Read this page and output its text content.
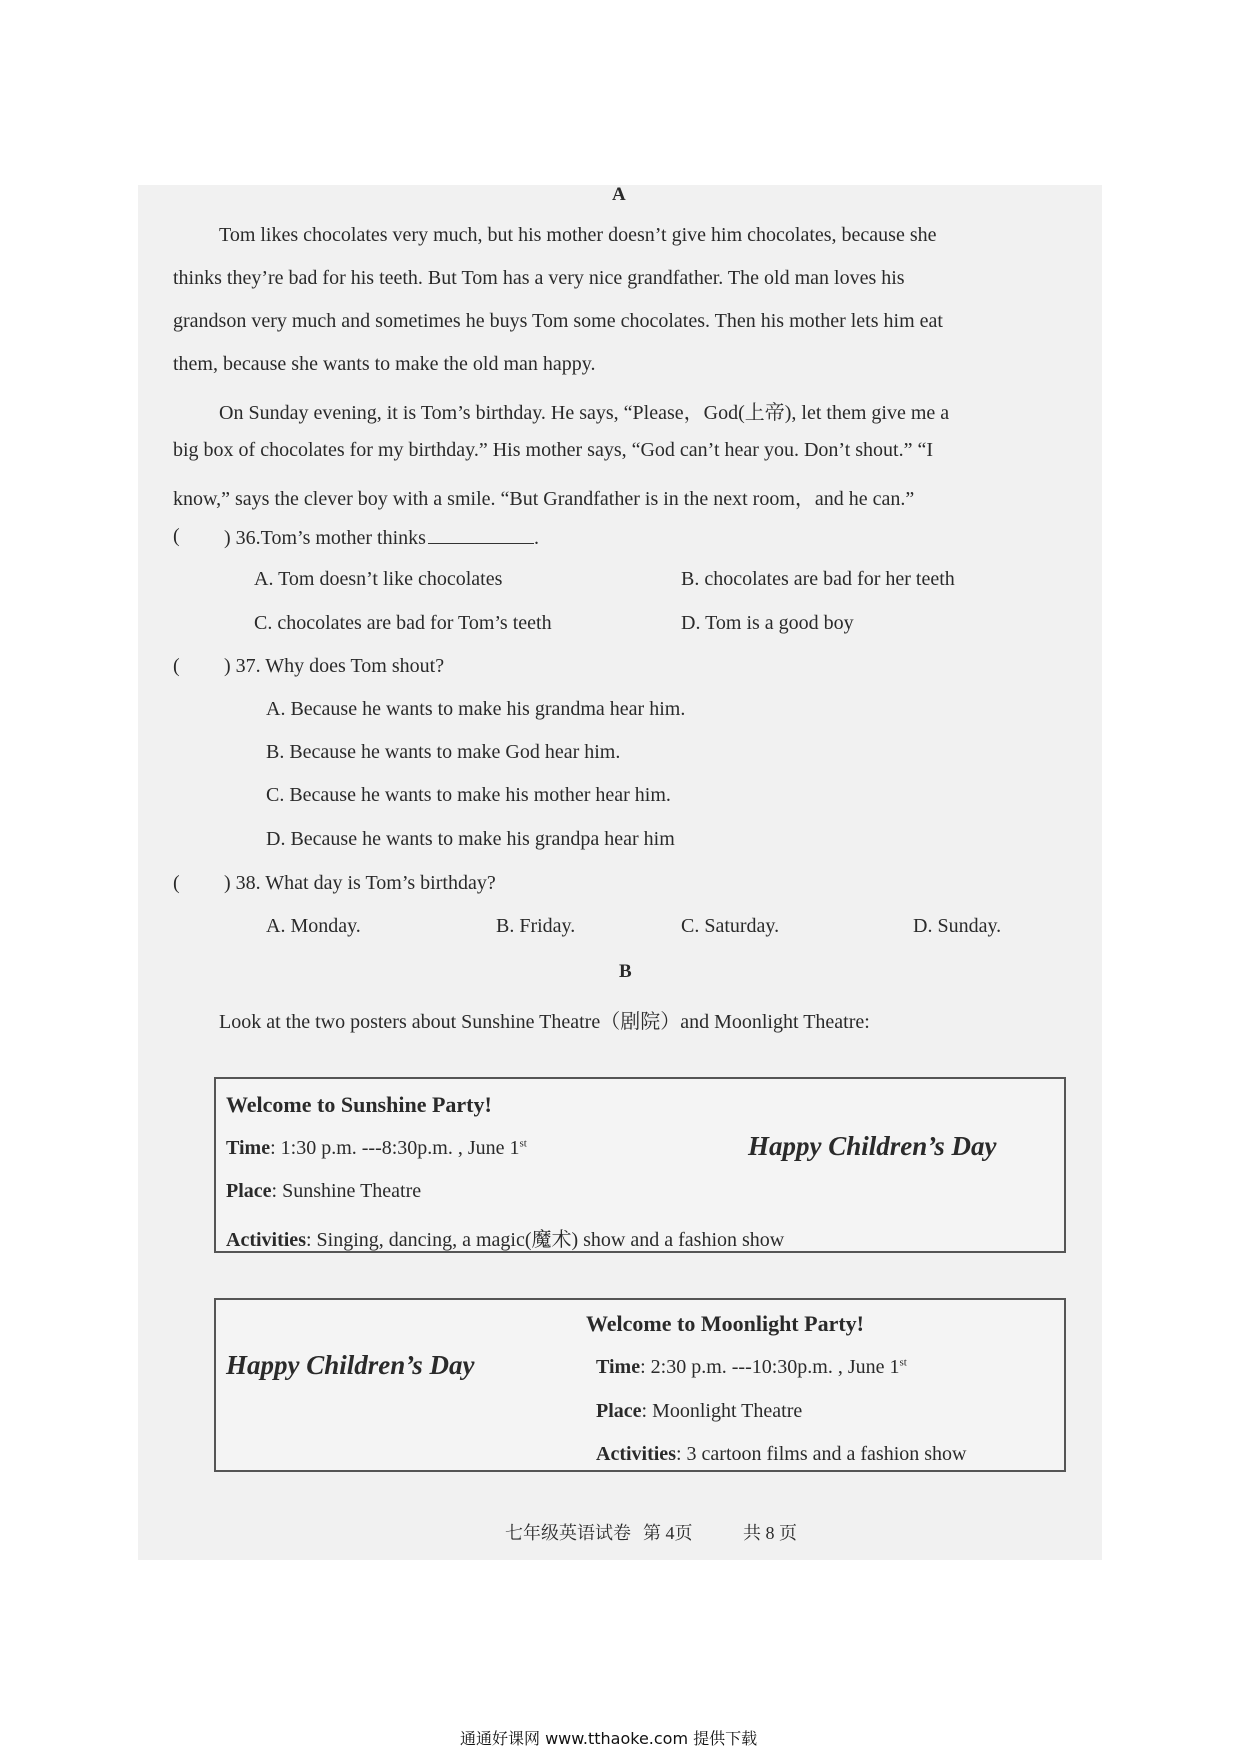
A
Tom likes chocolates very much, but his mother doesn’t give him chocolates, because she
thinks they’re bad for his teeth. But Tom has a very nice grandfather. The old man loves his
grandson very much and sometimes he buys Tom some chocolates. Then his mother lets him eat
them, because she wants to make the old man happy.
On Sunday evening, it is Tom’s birthday. He says, “Please，God(上帝), let them give me a
big box of chocolates for my birthday.” His mother says, “God can’t hear you. Don’t shout.” “I
know,” says the clever boy with a smile. “But Grandfather is in the next room，and he can.”
( ) 36.Tom’s mother thinks	.
A. Tom doesn’t like chocolates	B. chocolates are bad for her teeth
C. chocolates are bad for Tom’s teeth	D. Tom is a good boy
( ) 37. Why does Tom shout?
A. Because he wants to make his grandma hear him.
B. Because he wants to make God hear him.
C. Because he wants to make his mother hear him.
D. Because he wants to make his grandpa hear him
( ) 38. What day is Tom’s birthday?
A. Monday.	B. Friday.	C. Saturday.	D. Sunday.
B
Look at the two posters about Sunshine Theatre（剧院）and Moonlight Theatre:
Welcome to Sunshine Party!
Time: 1:30 p.m. ---8:30p.m. , June 1st	Happy Children’s Day
Place: Sunshine Theatre
Activities: Singing, dancing, a magic(魔术) show and a fashion show
Happy Children’s Day
Welcome to Moonlight Party!
Time: 2:30 p.m. ---10:30p.m. , June 1st
Place: Moonlight Theatre
Activities: 3 cartoon films and a fashion show
七年级英语试卷 第 4页	共 8 页
通通好课网 www.tthaoke.com 提供下载
